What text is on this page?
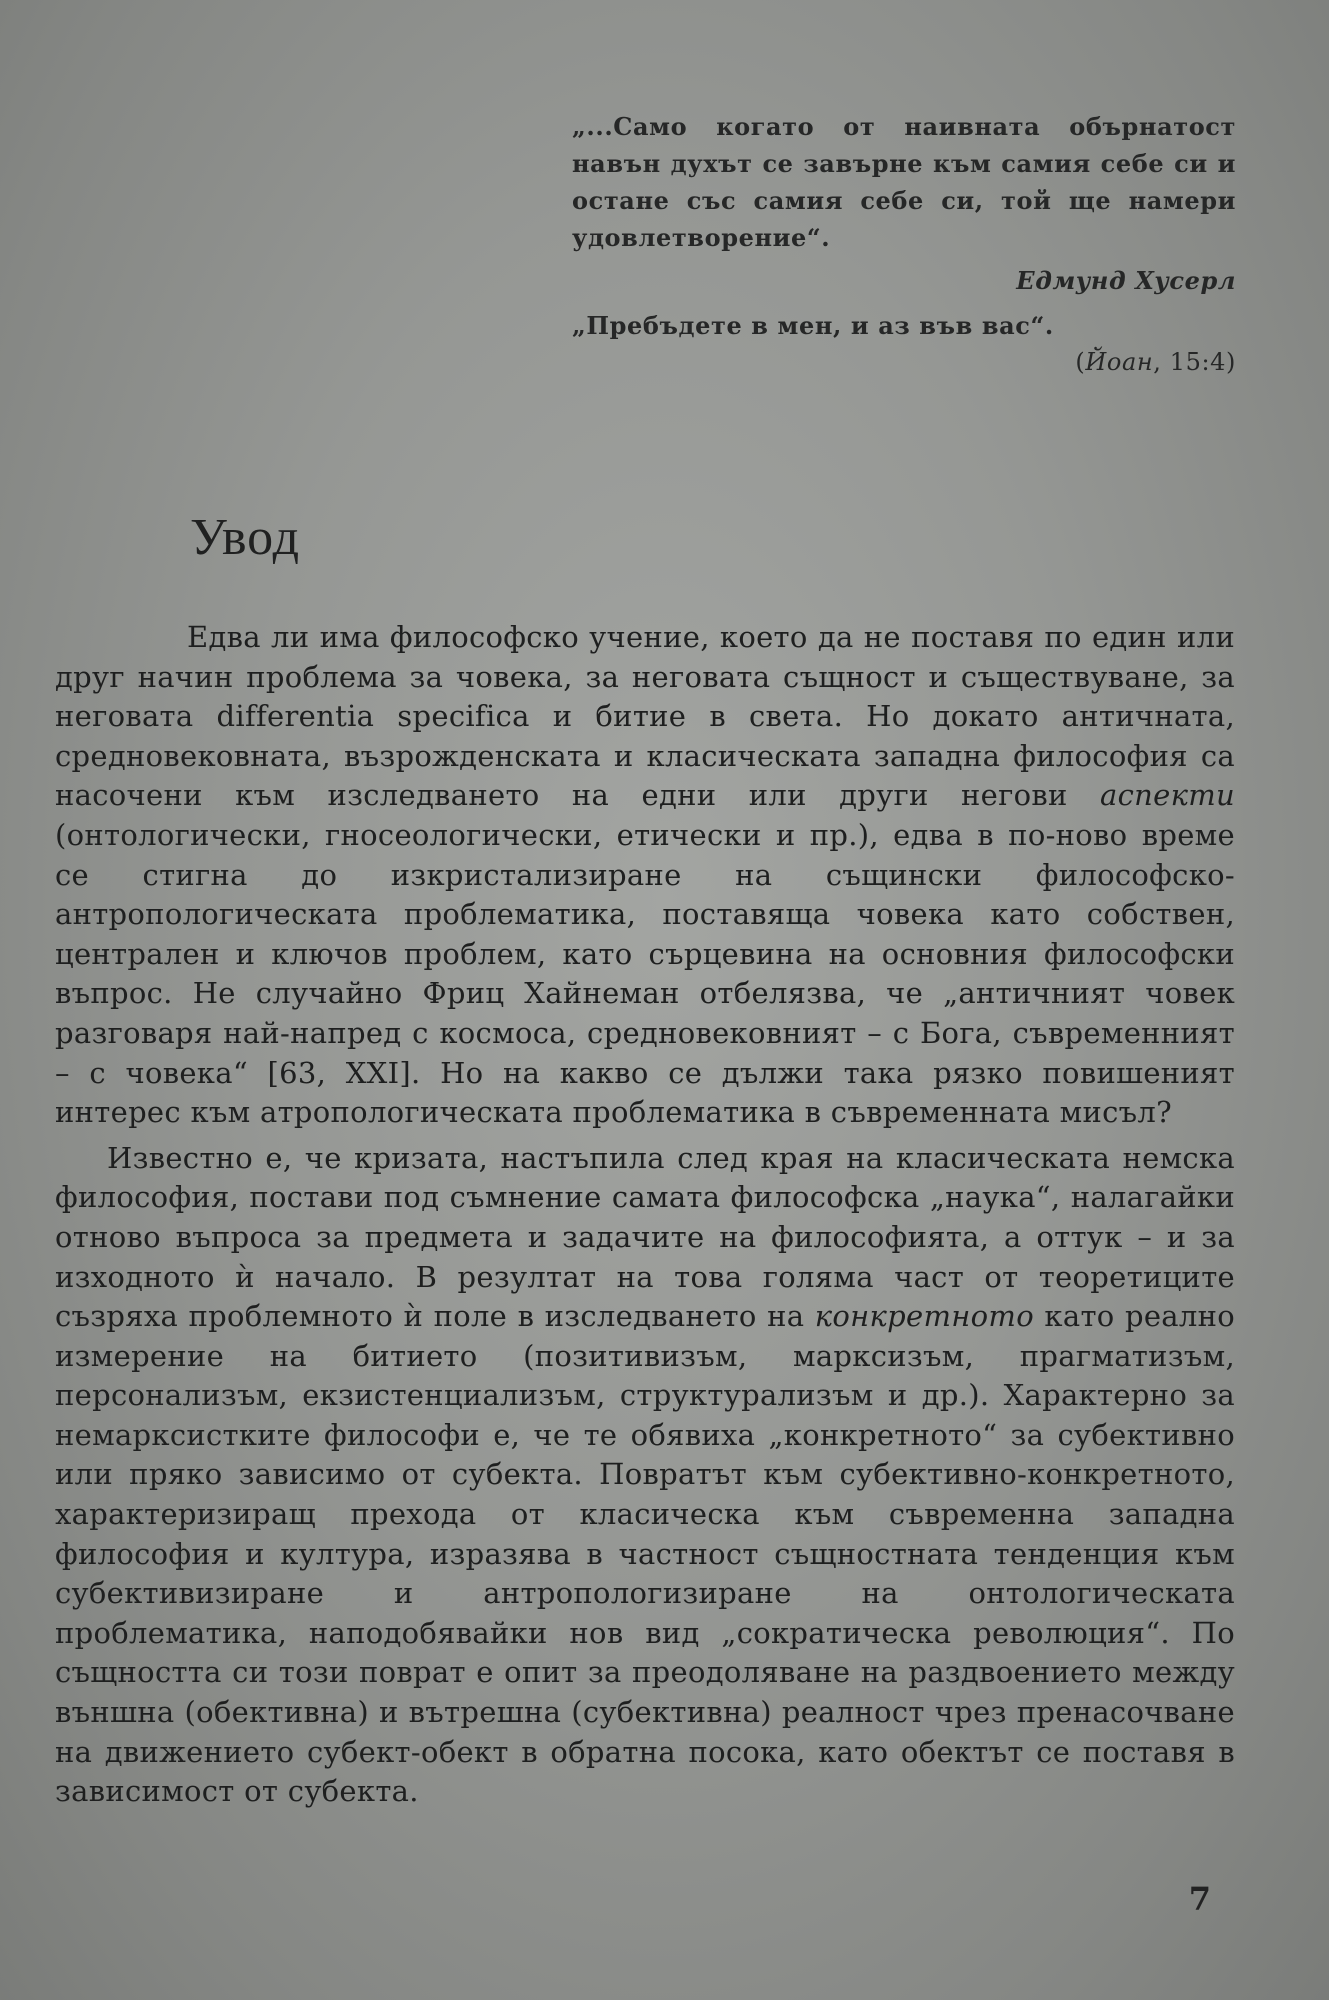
„...Само когато от наивната обърнатост навън духът се завърне към самия себе си и остане със самия себе си, той ще намери удовлетворение“.

Едмунд Хусерл

„Пребъдете в мен, и аз във вас“.

(Йоан, 15:4)

Увод

Едва ли има философско учение, което да не поставя по един или друг начин проблема за човека, за неговата същност и съществуване, за неговата differentia specifica и битие в света. Но докато античната, средновековната, възрожденската и класическата западна философия са насочени към изследването на едни или други негови аспекти (онтологически, гносеологически, етически и пр.), едва в по-ново време се стигна до изкристализиране на същински философско-антропологическата проблематика, поставяща човека като собствен, централен и ключов проблем, като сърцевина на основния философски въпрос. Не случайно Фриц Хайнеман отбелязва, че „античният човек разговаря най-напред с космоса, средновековният – с Бога, съвременният – с човека“ [63, XXI]. Но на какво се дължи така рязко повишеният интерес към атропологическата проблематика в съвременната мисъл?

Известно е, че кризата, настъпила след края на класическата немска философия, постави под съмнение самата философска „наука“, налагайки отново въпроса за предмета и задачите на философията, а оттук – и за изходното ѝ начало. В резултат на това голяма част от теоретиците съзряха проблемното ѝ поле в изследването на конкретното като реално измерение на битието (позитивизъм, марксизъм, прагматизъм, персонализъм, екзистенциализъм, структурализъм и др.). Характерно за немарксистките философи е, че те обявиха „конкретното“ за субективно или пряко зависимо от субекта. Повратът към субективно-конкретното, характеризиращ прехода от класическа към съвременна западна философия и култура, изразява в частност същностната тенденция към субективизиране и антропологизиране на онтологическата проблематика, наподобявайки нов вид „сократическа революция“. По същността си този поврат е опит за преодоляване на раздвоението между външна (обективна) и вътрешна (субективна) реалност чрез пренасочване на движението субект-обект в обратна посока, като обектът се поставя в зависимост от субекта.

7
